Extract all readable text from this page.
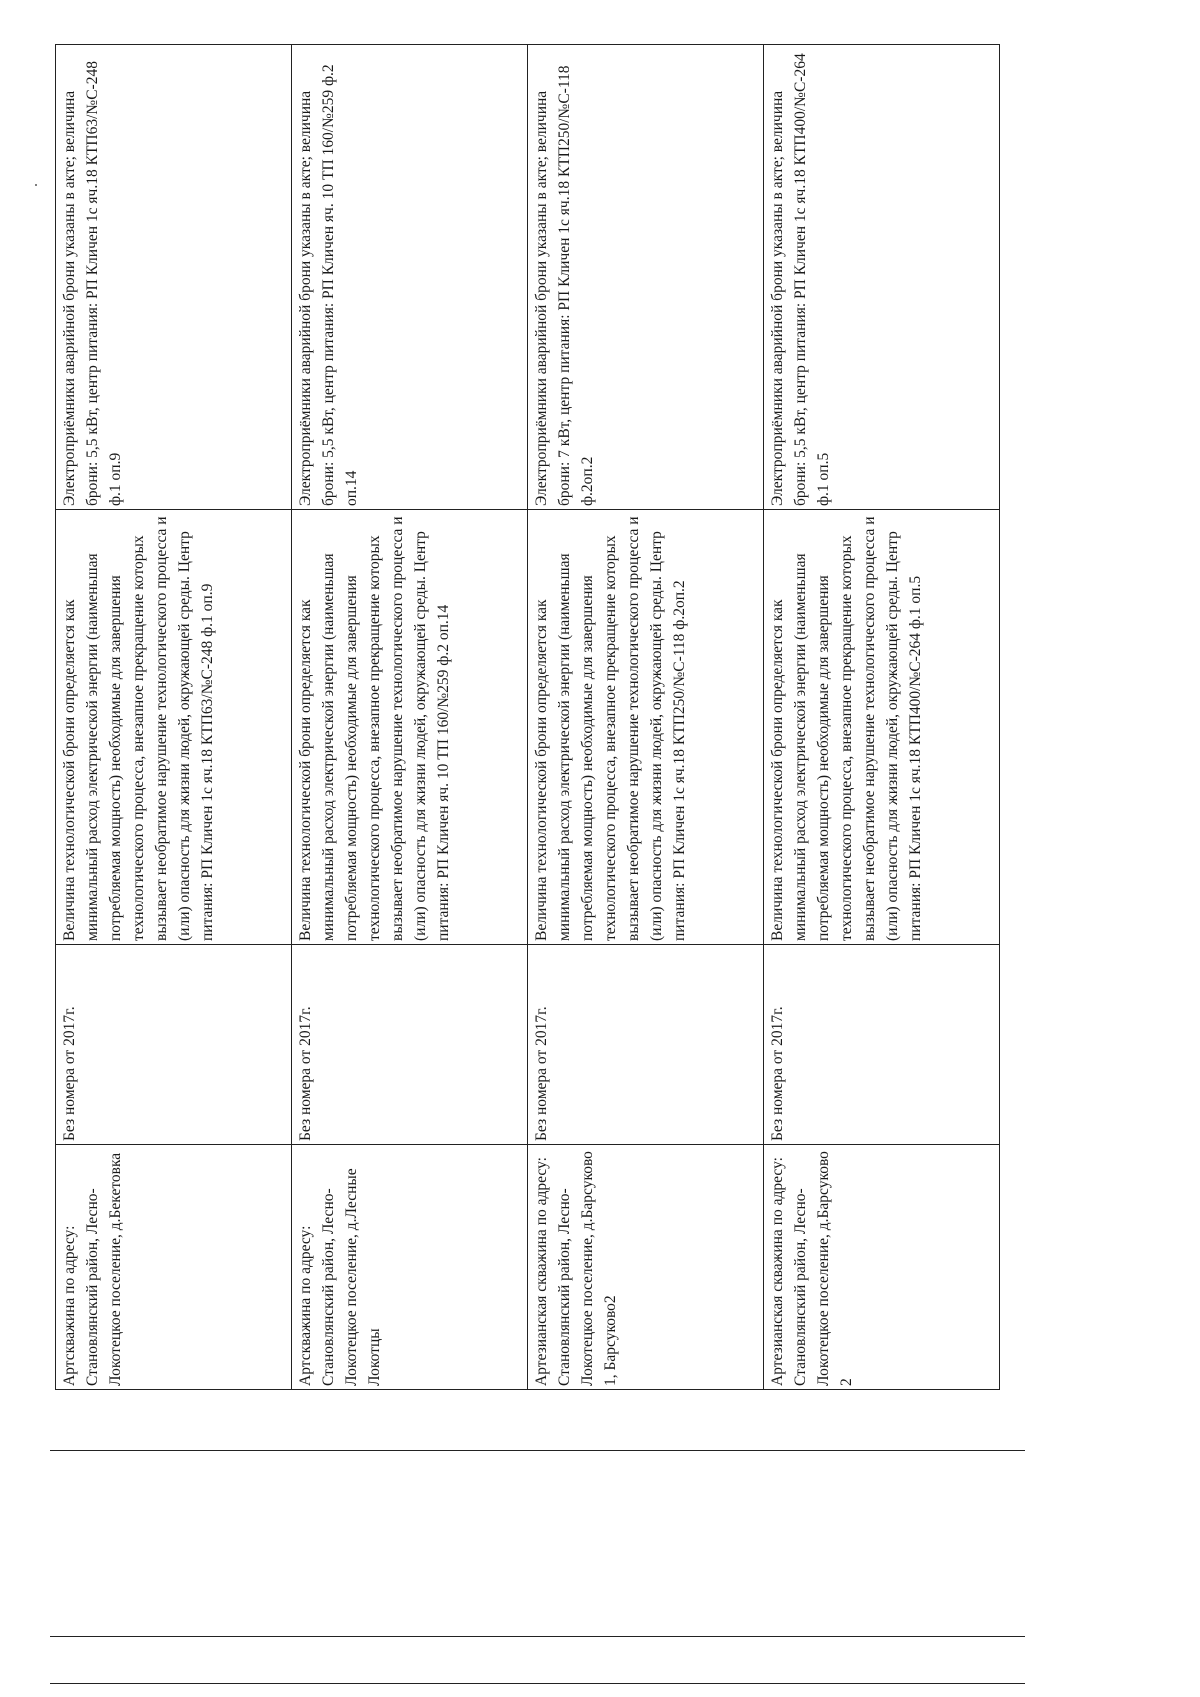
Артскважина по адресу: Становлянский район, Лесно-Локотецкое поселение, д.Бекетовка	Без номера от 2017г.	Величина технологической брони определяется как минимальный расход электрической энергии (наименьшая потребляемая мощность) необходимые для завершения технологического процесса, внезапное прекращение которых вызывает необратимое нарушение технологического процесса и (или) опасность для жизни людей, окружающей среды. Центр питания: РП Кличен 1с яч.18 КТП63/№С-248 ф.1 оп.9	Электроприёмники аварийной брони указаны в акте; величина брони: 5,5 кВт, центр питания: РП Кличен 1с яч.18 КТП63/№С-248 ф.1 оп.9
Артскважина по адресу: Становлянский район, Лесно-Локотецкое поселение, д.Лесные Локотцы	Без номера от 2017г.	Величина технологической брони определяется как минимальный расход электрической энергии (наименьшая потребляемая мощность) необходимые для завершения технологического процесса, внезапное прекращение которых вызывает необратимое нарушение технологического процесса и (или) опасность для жизни людей, окружающей среды. Центр питания: РП Кличен яч. 10 ТП 160/№259 ф.2 оп.14	Электроприёмники аварийной брони указаны в акте; величина брони: 5,5 кВт, центр питания: РП Кличен яч. 10 ТП 160/№259 ф.2 оп.14
Артезианская скважина по адресу: Становлянский район, Лесно-Локотецкое поселение, д.Барсуково 1, Барсуково2	Без номера от 2017г.	Величина технологической брони определяется как минимальный расход электрической энергии (наименьшая потребляемая мощность) необходимые для завершения технологического процесса, внезапное прекращение которых вызывает необратимое нарушение технологического процесса и (или) опасность для жизни людей, окружающей среды. Центр питания: РП Кличен 1с яч.18 КТП250/№С-118 ф.2оп.2	Электроприёмники аварийной брони указаны в акте; величина брони: 7 кВт, центр питания: РП Кличен 1с яч.18 КТП250/№С-118 ф.2оп.2
Артезианская скважина по адресу: Становлянский район, Лесно-Локотецкое поселение, д.Барсуково 2	Без номера от 2017г.	Величина технологической брони определяется как минимальный расход электрической энергии (наименьшая потребляемая мощность) необходимые для завершения технологического процесса, внезапное прекращение которых вызывает необратимое нарушение технологического процесса и (или) опасность для жизни людей, окружающей среды. Центр питания: РП Кличен 1с яч.18 КТП400/№С-264 ф.1 оп.5	Электроприёмники аварийной брони указаны в акте; величина брони: 5,5 кВт, центр питания: РП Кличен 1с яч.18 КТП400/№С-264 ф.1 оп.5
